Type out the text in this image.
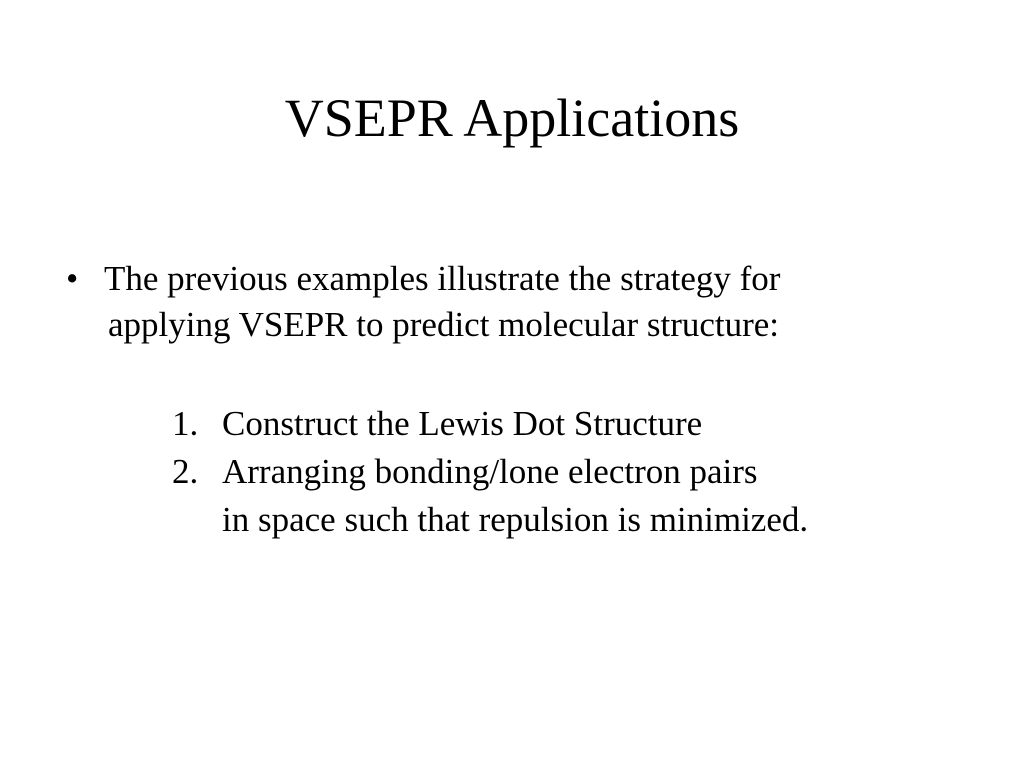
VSEPR Applications
• The previous examples illustrate the strategy for
applying VSEPR to predict molecular structure:
1. Construct the Lewis Dot Structure
2. Arranging bonding/lone electron pairs
in space such that repulsion is minimized.
